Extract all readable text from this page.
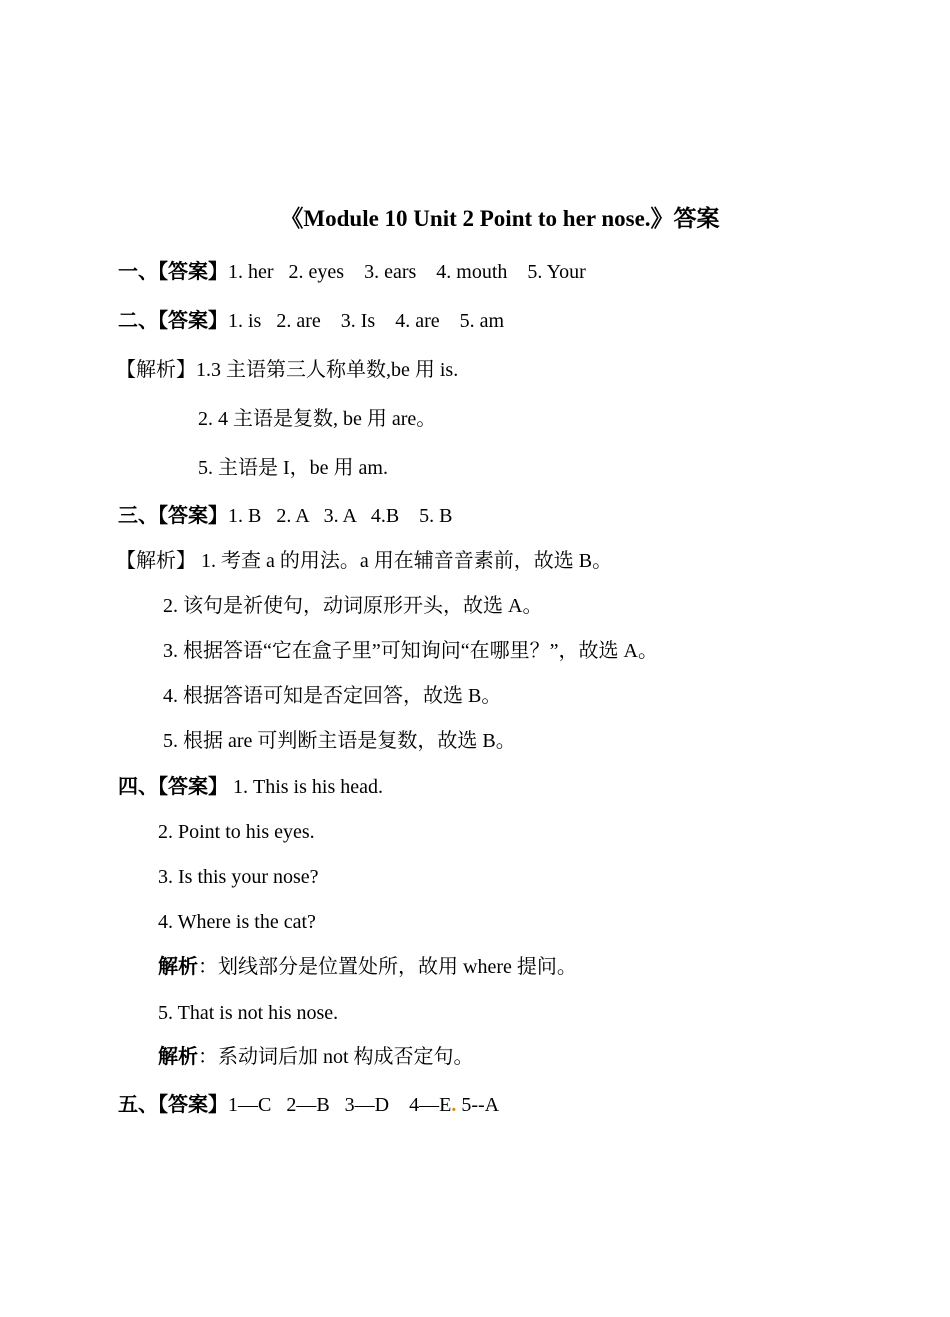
《Module 10 Unit 2 Point to her nose.》答案
一、【答案】1. her   2. eyes    3. ears    4. mouth    5. Your
二、【答案】1. is   2. are    3. Is    4. are    5. am
【解析】1.3 主语第三人称单数,be 用 is.
2. 4 主语是复数, be 用 are。
5. 主语是 I，be 用 am.
三、【答案】1. B   2. A   3. A   4.B    5. B
【解析】 1. 考查 a 的用法。a 用在辅音音素前，故选 B。
2. 该句是祈使句，动词原形开头，故选 A。
3. 根据答语“它在盒子里”可知询问“在哪里？”，故选 A。
4. 根据答语可知是否定回答，故选 B。
5. 根据 are 可判断主语是复数，故选 B。
四、【答案】 1. This is his head.
2. Point to his eyes.
3. Is this your nose?
4. Where is the cat?
解析：划线部分是位置处所，故用 where 提问。
5. That is not his nose.
解析：系动词后加 not 构成否定句。
五、【答案】1—C   2—B   3—D    4—E. 5--A
